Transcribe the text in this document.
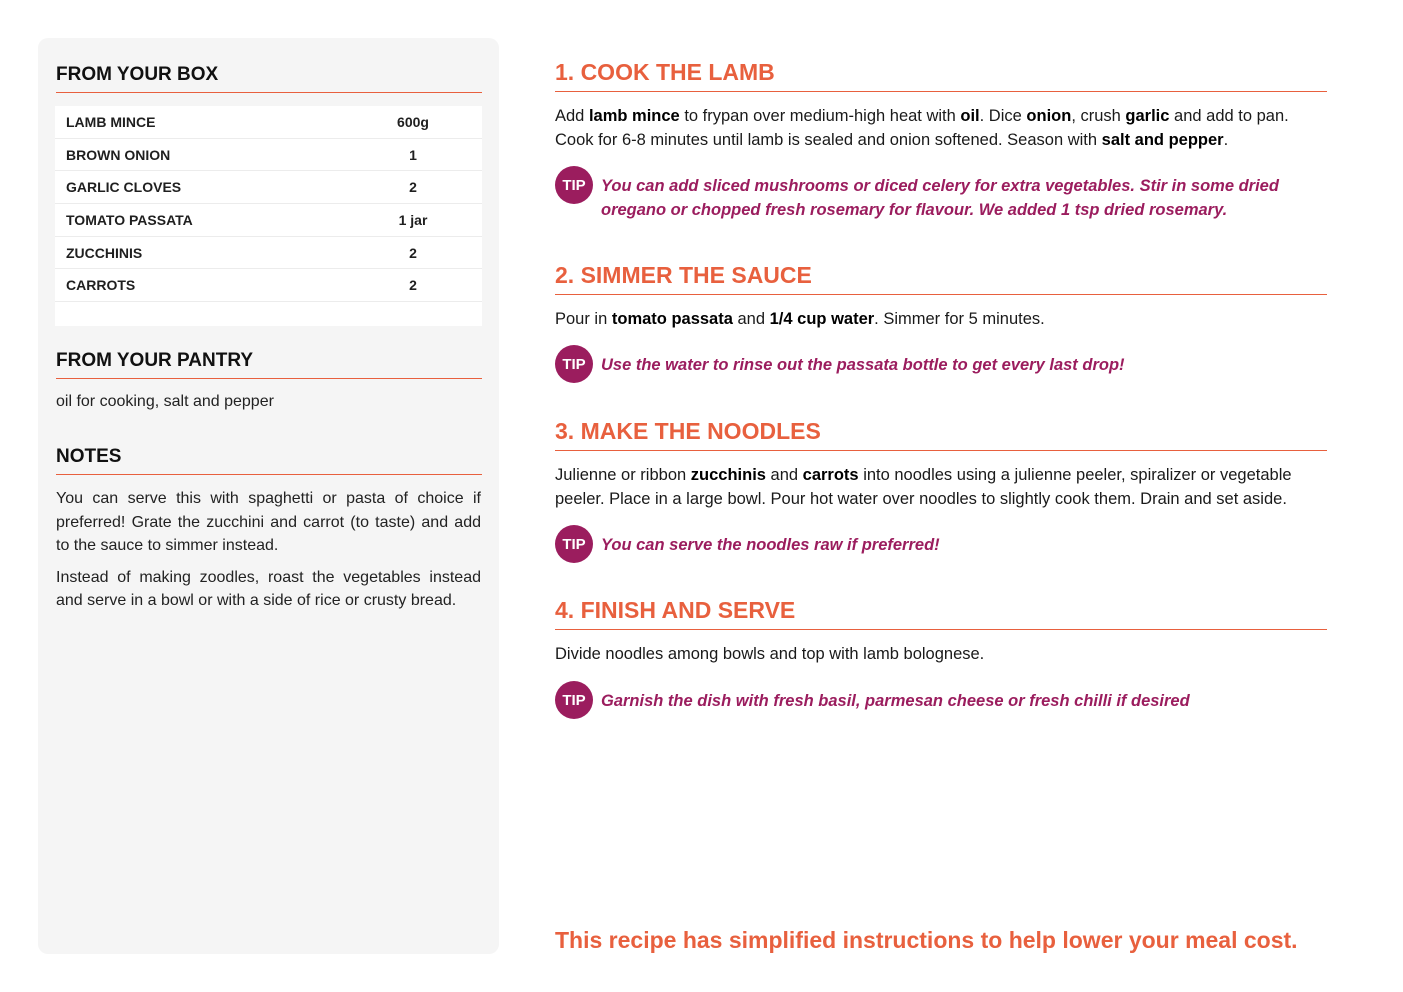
FROM YOUR BOX
LAMB MINCE	600g
BROWN ONION	1
GARLIC CLOVES	2
TOMATO PASSATA	1 jar
ZUCCHINIS	2
CARROTS	2
FROM YOUR PANTRY
oil for cooking, salt and pepper
NOTES

You can serve this with spaghetti or pasta of choice if preferred! Grate the zucchini and carrot (to taste) and add to the sauce to simmer instead.

Instead of making zoodles, roast the vegetables instead and serve in a bowl or with a side of rice or crusty bread.

1. COOK THE LAMB
Add lamb mince to frypan over medium-high heat with oil. Dice onion, crush garlic and add to pan. Cook for 6-8 minutes until lamb is sealed and onion softened. Season with salt and pepper.
TIP You can add sliced mushrooms or diced celery for extra vegetables. Stir in some dried oregano or chopped fresh rosemary for flavour. We added 1 tsp dried rosemary.
2. SIMMER THE SAUCE
Pour in tomato passata and 1/4 cup water. Simmer for 5 minutes.
TIP Use the water to rinse out the passata bottle to get every last drop!
3. MAKE THE NOODLES
Julienne or ribbon zucchinis and carrots into noodles using a julienne peeler, spiralizer or vegetable peeler. Place in a large bowl. Pour hot water over noodles to slightly cook them. Drain and set aside.
TIP You can serve the noodles raw if preferred!
4. FINISH AND SERVE
Divide noodles among bowls and top with lamb bolognese.
TIP Garnish the dish with fresh basil, parmesan cheese or fresh chilli if desired
This recipe has simplified instructions to help lower your meal cost.
